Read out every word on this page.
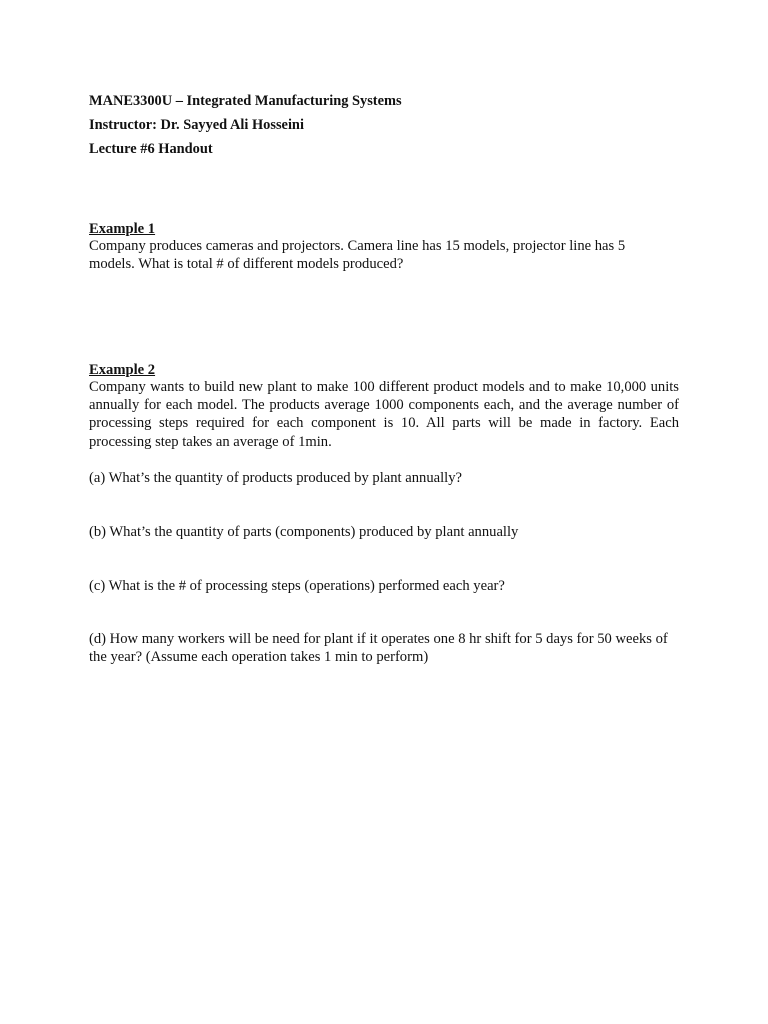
MANE3300U – Integrated Manufacturing Systems
Instructor: Dr. Sayyed Ali Hosseini
Lecture #6 Handout
Example 1
Company produces cameras and projectors. Camera line has 15 models, projector line has 5 models. What is total # of different models produced?
Example 2
Company wants to build new plant to make 100 different product models and to make 10,000 units annually for each model. The products average 1000 components each, and the average number of processing steps required for each component is 10. All parts will be made in factory. Each processing step takes an average of 1min.
(a) What’s the quantity of products produced by plant annually?
(b) What’s the quantity of parts (components) produced by plant annually
(c) What is the # of processing steps (operations) performed each year?
(d) How many workers will be need for plant if it operates one 8 hr shift for 5 days for 50 weeks of the year? (Assume each operation takes 1 min to perform)
